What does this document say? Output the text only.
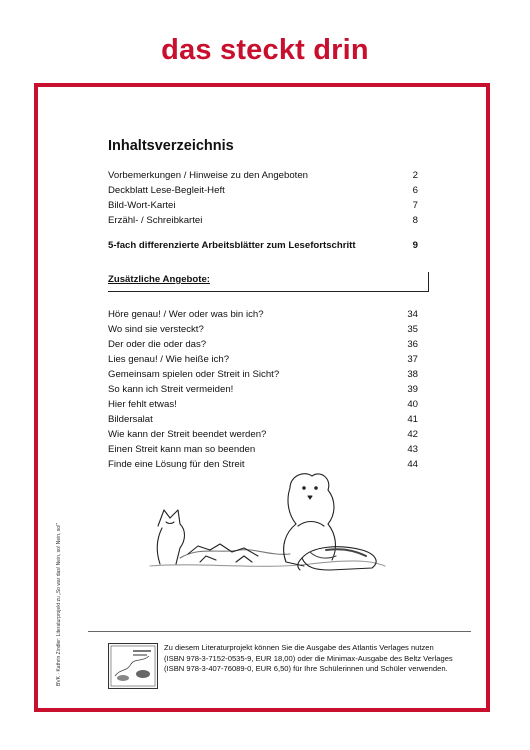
das steckt drin
Inhaltsverzeichnis
Vorbemerkungen / Hinweise zu den Angeboten	2
Deckblatt Lese-Begleit-Heft	6
Bild-Wort-Kartei	7
Erzähl- / Schreibkartei	8
5-fach differenzierte Arbeitsblätter zum Lesefortschritt	9
Zusätzliche Angebote:
Höre genau! / Wer oder was bin ich?	34
Wo sind sie versteckt?	35
Der oder die oder das?	36
Lies genau! / Wie heiße ich?	37
Gemeinsam spielen oder Streit in Sicht?	38
So kann ich Streit vermeiden!	39
Hier fehlt etwas!	40
Bildersalat	41
Wie kann der Streit beendet werden?	42
Einen Streit kann man so beenden	43
Finde eine Lösung für den Streit	44
BVK · Kathrin Zindler: Literaturprojekt zu „So war das! Nein, so! Nein, so!“	Zu diesem Literaturprojekt können Sie die Ausgabe des Atlantis Verlages nutzen
(ISBN 978-3-7152-0535-9, EUR 18,00) oder die Minimax-Ausgabe des Beltz Verlages
(ISBN 978-3-407-76089-0, EUR 6,50) für Ihre Schülerinnen und Schüler verwenden.
